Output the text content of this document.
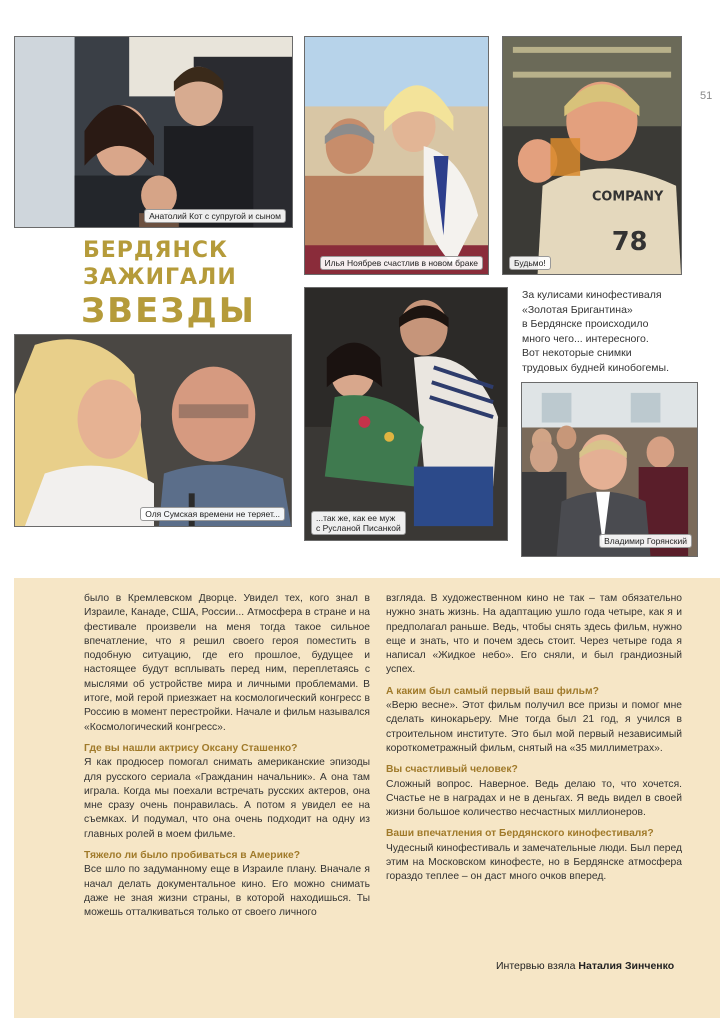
51
Анатолий Кот с супругой и сыном
Илья Ноябрев счастлив в новом браке
COMPANY
78
Будьмо!
БЕРДЯНСК
ЗАЖИГАЛИ
ЗВЕЗДЫ
Оля Сумская времени не теряет...	...так же, как ее муж
с Русланой Писанкой
За кулисами кинофестиваля
«Золотая Бригантина»
в Бердянске происходило
много чего... интересного.
Вот некоторые снимки
трудовых будней кинобогемы.
Владимир Горянский
было в Кремлевском Дворце. Увидел тех, кого знал в Израиле, Канаде, США, России... Атмосфера в стране и на фестивале произвели на меня тогда такое сильное впечатление, что я решил своего героя поместить в подобную ситуацию, где его прошлое, будущее и настоящее будут всплывать перед ним, переплетаясь с мыслями об устройстве мира и личными проблемами. В итоге, мой герой приезжает на космологический конгресс в Россию в момент перестройки. Начале и фильм назывался «Космологический конгресс».
Где вы нашли актрису Оксану Сташенко?
Я как продюсер помогал снимать американские эпизоды для русского сериала «Гражданин начальник». А она там играла. Когда мы поехали встречать русских актеров, она мне сразу очень понравилась. А потом я увидел ее на съемках. И подумал, что она очень подходит на одну из главных ролей в моем фильме.
Тяжело ли было пробиваться в Америке?
Все шло по задуманному еще в Израиле плану. Вначале я начал делать документальное кино. Его можно снимать даже не зная жизни страны, в которой находишься. Ты можешь отталкиваться только от своего личного
взгляда. В художественном кино не так – там обязательно нужно знать жизнь. На адаптацию ушло года четыре, как я и предполагал раньше. Ведь, чтобы снять здесь фильм, нужно еще и знать, что и почем здесь стоит. Через четыре года я написал «Жидкое небо». Его сняли, и был грандиозный успех.
А каким был самый первый ваш фильм?
«Верю весне». Этот фильм получил все призы и помог мне сделать кинокарьеру. Мне тогда был 21 год, я учился в строительном институте. Это был мой первый независимый короткометражный фильм, снятый на «35 миллиметрах».
Вы счастливый человек?
Сложный вопрос. Наверное. Ведь делаю то, что хочется. Счастье не в наградах и не в деньгах. Я ведь видел в своей жизни большое количество несчастных миллионеров.
Ваши впечатления от Бердянского кинофестиваля?
Чудесный кинофестиваль и замечательные люди. Был перед этим на Московском кинофесте, но в Бердянске атмосфера гораздо теплее – он даст много очков вперед.
Интервью взяла Наталия Зинченко
